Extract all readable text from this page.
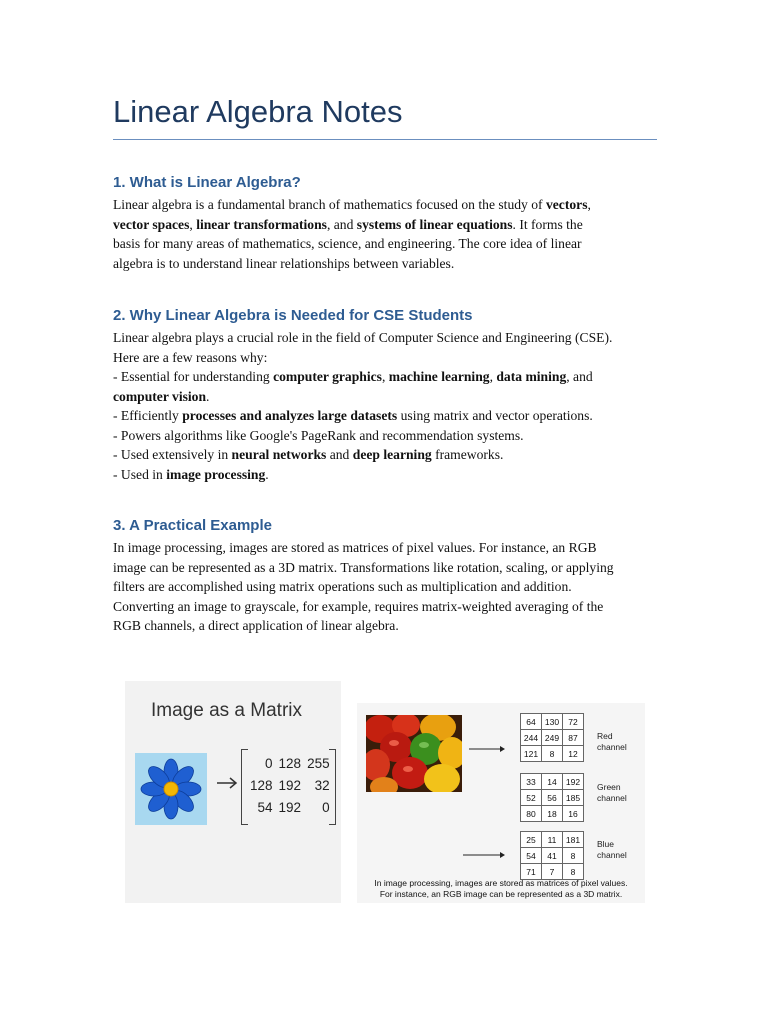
Linear Algebra Notes
1. What is Linear Algebra?
Linear algebra is a fundamental branch of mathematics focused on the study of vectors,
vector spaces, linear transformations, and systems of linear equations. It forms the
basis for many areas of mathematics, science, and engineering. The core idea of linear
algebra is to understand linear relationships between variables.
2. Why Linear Algebra is Needed for CSE Students
Linear algebra plays a crucial role in the field of Computer Science and Engineering (CSE).
Here are a few reasons why:
- Essential for understanding computer graphics, machine learning, data mining, and
computer vision.
- Efficiently processes and analyzes large datasets using matrix and vector operations.
- Powers algorithms like Google's PageRank and recommendation systems.
- Used extensively in neural networks and deep learning frameworks.
- Used in image processing.
3. A Practical Example
In image processing, images are stored as matrices of pixel values. For instance, an RGB
image can be represented as a 3D matrix. Transformations like rotation, scaling, or applying
filters are accomplished using matrix operations such as multiplication and addition.
Converting an image to grayscale, for example, requires matrix-weighted averaging of the
RGB channels, a direct application of linear algebra.
Image as a Matrix
0	128	255
128	192	32
54	192	0
64	130	72
244	249	87
121	8	12
Red
channel
33	14	192
52	56	185
80	18	16
Green
channel
25	11	181
54	41	8
71	7	8
Blue
channel
In image processing, images are stored as matrices of pixel values.
For instance, an RGB image can be represented as a 3D matrix.
